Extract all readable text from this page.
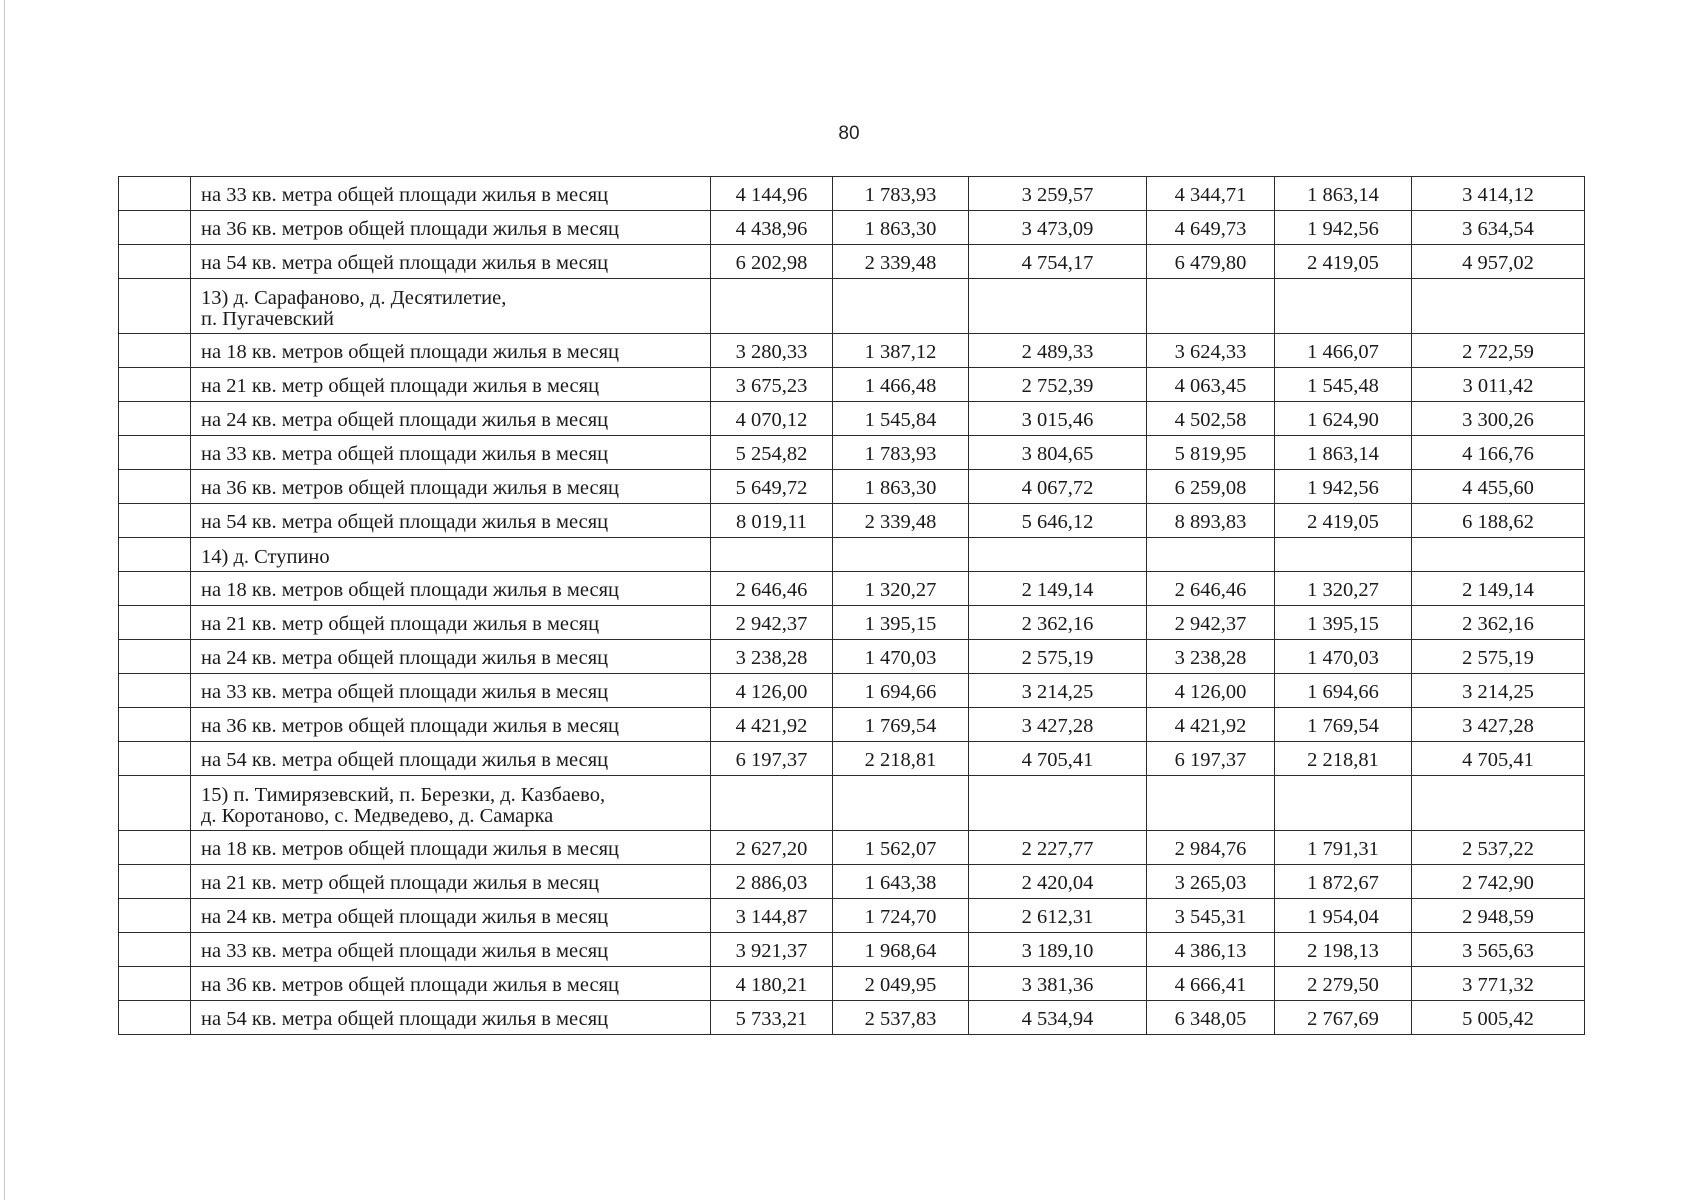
80
	на 33 кв. метра общей площади жилья в месяц	4 144,96	1 783,93	3 259,57	4 344,71	1 863,14	3 414,12
	на 36 кв. метров общей площади жилья в месяц	4 438,96	1 863,30	3 473,09	4 649,73	1 942,56	3 634,54
	на 54 кв. метра общей площади жилья в месяц	6 202,98	2 339,48	4 754,17	6 479,80	2 419,05	4 957,02

	13) д. Сарафаново, д. Десятилетие,
п. Пугачевский						

	на 18 кв. метров общей площади жилья в месяц	3 280,33	1 387,12	2 489,33	3 624,33	1 466,07	2 722,59
	на 21 кв. метр общей площади жилья в месяц	3 675,23	1 466,48	2 752,39	4 063,45	1 545,48	3 011,42
	на 24 кв. метра общей площади жилья в месяц	4 070,12	1 545,84	3 015,46	4 502,58	1 624,90	3 300,26
	на 33 кв. метра общей площади жилья в месяц	5 254,82	1 783,93	3 804,65	5 819,95	1 863,14	4 166,76
	на 36 кв. метров общей площади жилья в месяц	5 649,72	1 863,30	4 067,72	6 259,08	1 942,56	4 455,60
	на 54 кв. метра общей площади жилья в месяц	8 019,11	2 339,48	5 646,12	8 893,83	2 419,05	6 188,62

	14) д. Ступино						

	на 18 кв. метров общей площади жилья в месяц	2 646,46	1 320,27	2 149,14	2 646,46	1 320,27	2 149,14
	на 21 кв. метр общей площади жилья в месяц	2 942,37	1 395,15	2 362,16	2 942,37	1 395,15	2 362,16
	на 24 кв. метра общей площади жилья в месяц	3 238,28	1 470,03	2 575,19	3 238,28	1 470,03	2 575,19
	на 33 кв. метра общей площади жилья в месяц	4 126,00	1 694,66	3 214,25	4 126,00	1 694,66	3 214,25
	на 36 кв. метров общей площади жилья в месяц	4 421,92	1 769,54	3 427,28	4 421,92	1 769,54	3 427,28
	на 54 кв. метра общей площади жилья в месяц	6 197,37	2 218,81	4 705,41	6 197,37	2 218,81	4 705,41

	15) п. Тимирязевский, п. Березки, д. Казбаево,
д. Коротаново, с. Медведево, д. Самарка						

	на 18 кв. метров общей площади жилья в месяц	2 627,20	1 562,07	2 227,77	2 984,76	1 791,31	2 537,22
	на 21 кв. метр общей площади жилья в месяц	2 886,03	1 643,38	2 420,04	3 265,03	1 872,67	2 742,90
	на 24 кв. метра общей площади жилья в месяц	3 144,87	1 724,70	2 612,31	3 545,31	1 954,04	2 948,59
	на 33 кв. метра общей площади жилья в месяц	3 921,37	1 968,64	3 189,10	4 386,13	2 198,13	3 565,63
	на 36 кв. метров общей площади жилья в месяц	4 180,21	2 049,95	3 381,36	4 666,41	2 279,50	3 771,32
	на 54 кв. метра общей площади жилья в месяц	5 733,21	2 537,83	4 534,94	6 348,05	2 767,69	5 005,42
